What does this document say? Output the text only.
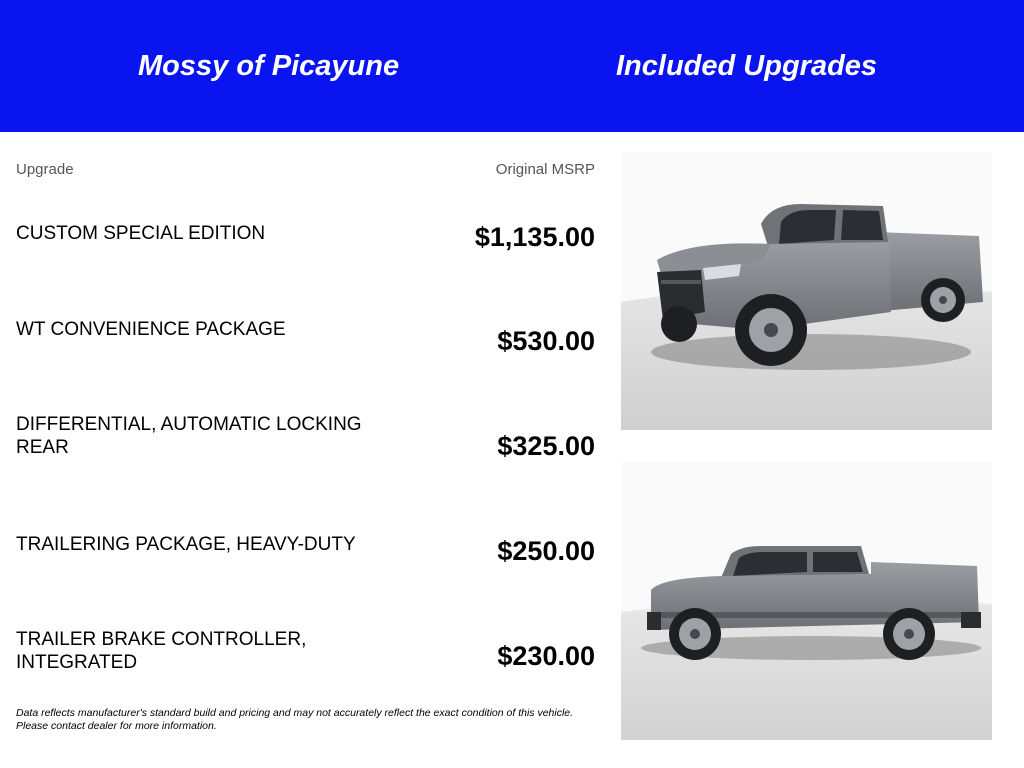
Mossy of Picayune	Included Upgrades
Upgrade	Original MSRP
CUSTOM SPECIAL EDITION	$1,135.00
WT CONVENIENCE PACKAGE	$530.00
DIFFERENTIAL, AUTOMATIC LOCKING REAR	$325.00
TRAILERING PACKAGE, HEAVY-DUTY	$250.00
TRAILER BRAKE CONTROLLER, INTEGRATED	$230.00
Data reflects manufacturer's standard build and pricing and may not accurately reflect the exact condition of this vehicle. Please contact dealer for more information.
